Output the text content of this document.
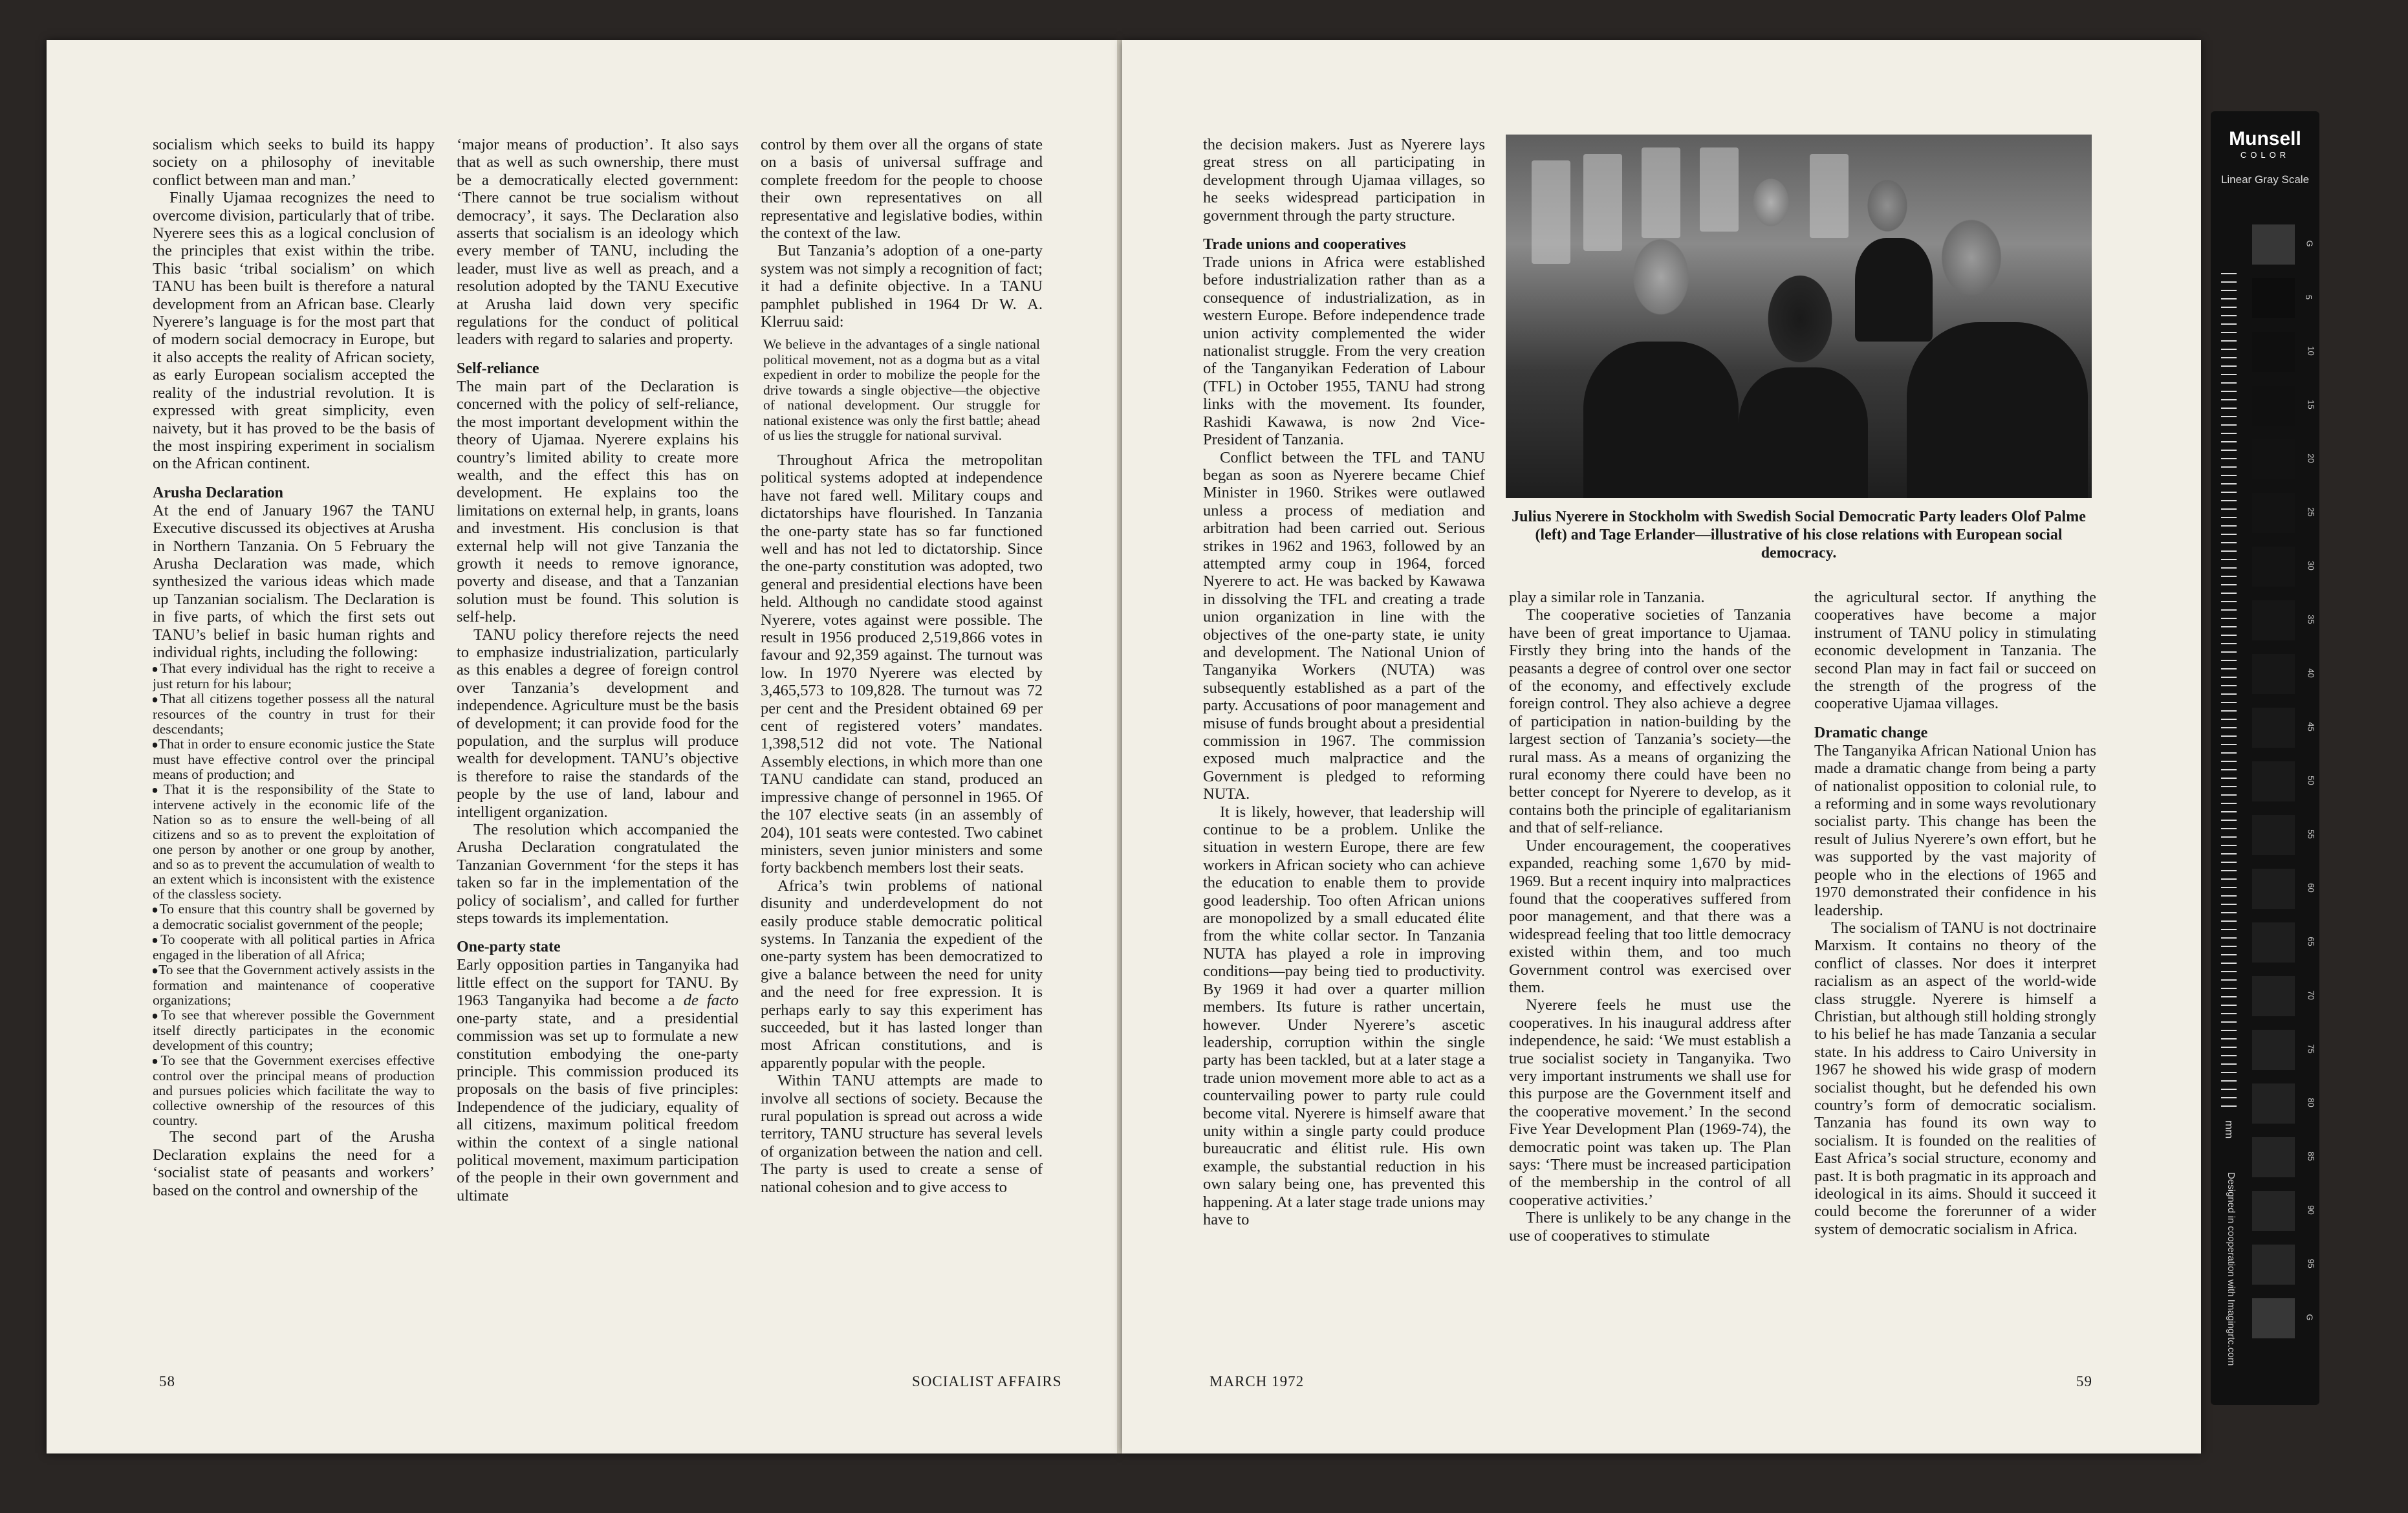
socialism which seeks to build its happy society on a philosophy of inevitable conflict between man and man.’

Finally Ujamaa recognizes the need to overcome division, particularly that of tribe. Nyerere sees this as a logical conclusion of the principles that exist within the tribe. This basic ‘tribal socialism’ on which TANU has been built is therefore a natural development from an African base. Clearly Nyerere’s language is for the most part that of modern social democracy in Europe, but it also accepts the reality of African society, as early European socialism accepted the reality of the industrial revolution. It is expressed with great simplicity, even naivety, but it has proved to be the basis of the most inspiring experiment in socialism on the African continent.

Arusha Declaration

At the end of January 1967 the TANU Executive discussed its objectives at Arusha in Northern Tanzania. On 5 February the Arusha Declaration was made, which synthesized the various ideas which made up Tanzanian socialism. The Declaration is in five parts, of which the first sets out TANU’s belief in basic human rights and individual rights, including the following:

● That every individual has the right to receive a just return for his labour;
● That all citizens together possess all the natural resources of the country in trust for their descendants;
● That in order to ensure economic justice the State must have effective control over the principal means of production; and
● That it is the responsibility of the State to intervene actively in the economic life of the Nation so as to ensure the well-being of all citizens and so as to prevent the exploitation of one person by another or one group by another, and so as to prevent the accumulation of wealth to an extent which is inconsistent with the existence of the classless society.
● To ensure that this country shall be governed by a democratic socialist government of the people;
● To cooperate with all political parties in Africa engaged in the liberation of all Africa;
● To see that the Government actively assists in the formation and maintenance of cooperative organizations;
● To see that wherever possible the Government itself directly participates in the economic development of this country;
● To see that the Government exercises effective control over the principal means of production and pursues policies which facilitate the way to collective ownership of the resources of this country.

The second part of the Arusha Declaration explains the need for a ‘socialist state of peasants and workers’ based on the control and ownership of the

‘major means of production’. It also says that as well as such ownership, there must be a democratically elected government: ‘There cannot be true socialism without democracy’, it says. The Declaration also asserts that socialism is an ideology which every member of TANU, including the leader, must live as well as preach, and a resolution adopted by the TANU Executive at Arusha laid down very specific regulations for the conduct of political leaders with regard to salaries and property.

Self-reliance

The main part of the Declaration is concerned with the policy of self-reliance, the most important development within the theory of Ujamaa. Nyerere explains his country’s limited ability to create more wealth, and the effect this has on development. He explains too the limitations on external help, in grants, loans and investment. His conclusion is that external help will not give Tanzania the growth it needs to remove ignorance, poverty and disease, and that a Tanzanian solution must be found. This solution is self-help.

TANU policy therefore rejects the need to emphasize industrialization, particularly as this enables a degree of foreign control over Tanzania’s development and independence. Agriculture must be the basis of development; it can provide food for the population, and the surplus will produce wealth for development. TANU’s objective is therefore to raise the standards of the people by the use of land, labour and intelligent organization.

The resolution which accompanied the Arusha Declaration congratulated the Tanzanian Government ‘for the steps it has taken so far in the implementation of the policy of socialism’, and called for further steps towards its implementation.

One-party state

Early opposition parties in Tanganyika had little effect on the support for TANU. By 1963 Tanganyika had become a de facto one-party state, and a presidential commission was set up to formulate a new constitution embodying the one-party principle. This commission produced its proposals on the basis of five principles: Independence of the judiciary, equality of all citizens, maximum political freedom within the context of a single national political movement, maximum participation of the people in their own government and ultimate

control by them over all the organs of state on a basis of universal suffrage and complete freedom for the people to choose their own representatives on all representative and legislative bodies, within the context of the law.

But Tanzania’s adoption of a one-party system was not simply a recognition of fact; it had a definite objective. In a TANU pamphlet published in 1964 Dr W. A. Klerruu said:

We believe in the advantages of a single national political movement, not as a dogma but as a vital expedient in order to mobilize the people for the drive towards a single objective—the objective of national development. Our struggle for national existence was only the first battle; ahead of us lies the struggle for national survival.

Throughout Africa the metropolitan political systems adopted at independence have not fared well. Military coups and dictatorships have flourished. In Tanzania the one-party state has so far functioned well and has not led to dictatorship. Since the one-party constitution was adopted, two general and presidential elections have been held. Although no candidate stood against Nyerere, votes against were possible. The result in 1956 produced 2,519,866 votes in favour and 92,359 against. The turnout was low. In 1970 Nyerere was elected by 3,465,573 to 109,828. The turnout was 72 per cent and the President obtained 69 per cent of registered voters’ mandates. 1,398,512 did not vote. The National Assembly elections, in which more than one TANU candidate can stand, produced an impressive change of personnel in 1965. Of the 107 elective seats (in an assembly of 204), 101 seats were contested. Two cabinet ministers, seven junior ministers and some forty backbench members lost their seats.

Africa’s twin problems of national disunity and underdevelopment do not easily produce stable democratic political systems. In Tanzania the expedient of the one-party system has been democratized to give a balance between the need for unity and the need for free expression. It is perhaps early to say this experiment has succeeded, but it has lasted longer than most African constitutions, and is apparently popular with the people.

Within TANU attempts are made to involve all sections of society. Because the rural population is spread out across a wide territory, TANU structure has several levels of organization between the nation and cell. The party is used to create a sense of national cohesion and to give access to

58	SOCIALIST AFFAIRS

the decision makers. Just as Nyerere lays great stress on all participating in development through Ujamaa villages, so he seeks widespread participation in government through the party structure.

Trade unions and cooperatives

Trade unions in Africa were established before industrialization rather than as a consequence of industrialization, as in western Europe. Before independence trade union activity complemented the wider nationalist struggle. From the very creation of the Tanganyikan Federation of Labour (TFL) in October 1955, TANU had strong links with the movement. Its founder, Rashidi Kawawa, is now 2nd Vice-President of Tanzania.

Conflict between the TFL and TANU began as soon as Nyerere became Chief Minister in 1960. Strikes were outlawed unless a process of mediation and arbitration had been carried out. Serious strikes in 1962 and 1963, followed by an attempted army coup in 1964, forced Nyerere to act. He was backed by Kawawa in dissolving the TFL and creating a trade union organization in line with the objectives of the one-party state, ie unity and development. The National Union of Tanganyika Workers (NUTA) was subsequently established as a part of the party. Accusations of poor management and misuse of funds brought about a presidential commission in 1967. The commission exposed much malpractice and the Government is pledged to reforming NUTA.

It is likely, however, that leadership will continue to be a problem. Unlike the situation in western Europe, there are few workers in African society who can achieve the education to enable them to provide good leadership. Too often African unions are monopolized by a small educated élite from the white collar sector. In Tanzania NUTA has played a role in improving conditions—pay being tied to productivity. By 1969 it had over a quarter million members. Its future is rather uncertain, however. Under Nyerere’s ascetic leadership, corruption within the single party has been tackled, but at a later stage a trade union movement more able to act as a countervailing power to party rule could become vital. Nyerere is himself aware that unity within a single party could produce bureaucratic and élitist rule. His own example, the substantial reduction in his own salary being one, has prevented this happening. At a later stage trade unions may have to

Julius Nyerere in Stockholm with Swedish Social Democratic Party leaders Olof Palme (left) and Tage Erlander—illustrative of his close relations with European social democracy.

play a similar role in Tanzania.

The cooperative societies of Tanzania have been of great importance to Ujamaa. Firstly they bring into the hands of the peasants a degree of control over one sector of the economy, and effectively exclude foreign control. They also achieve a degree of participation in nation-building by the largest section of Tanzania’s society—the rural mass. As a means of organizing the rural economy there could have been no better concept for Nyerere to develop, as it contains both the principle of egalitarianism and that of self-reliance.

Under encouragement, the cooperatives expanded, reaching some 1,670 by mid-1969. But a recent inquiry into malpractices found that the cooperatives suffered from poor management, and that there was a widespread feeling that too little democracy existed within them, and too much Government control was exercised over them.

Nyerere feels he must use the cooperatives. In his inaugural address after independence, he said: ‘We must establish a true socialist society in Tanganyika. Two very important instruments we shall use for this purpose are the Government itself and the cooperative movement.’ In the second Five Year Development Plan (1969-74), the democratic point was taken up. The Plan says: ‘There must be increased participation of the membership in the control of all cooperative activities.’

There is unlikely to be any change in the use of cooperatives to stimulate

the agricultural sector. If anything the cooperatives have become a major instrument of TANU policy in stimulating economic development in Tanzania. The second Plan may in fact fail or succeed on the strength of the progress of the cooperative Ujamaa villages.

Dramatic change

The Tanganyika African National Union has made a dramatic change from being a party of nationalist opposition to colonial rule, to a reforming and in some ways revolutionary socialist party. This change has been the result of Julius Nyerere’s own effort, but he was supported by the vast majority of people who in the elections of 1965 and 1970 demonstrated their confidence in his leadership.

The socialism of TANU is not doctrinaire Marxism. It contains no theory of the conflict of classes. Nor does it interpret racialism as an aspect of the world-wide class struggle. Nyerere is himself a Christian, but although still holding strongly to his belief he has made Tanzania a secular state. In his address to Cairo University in 1967 he showed his wide grasp of modern socialist thought, but he defended his own country’s form of democratic socialism. Tanzania has found its own way to socialism. It is founded on the realities of East Africa’s social structure, economy and past. It is both pragmatic in its approach and ideological in its aims. Should it succeed it could become the forerunner of a wider system of democratic socialism in Africa.

MARCH 1972	59
Munsell
COLOR
Linear Gray Scale
G
5
10
15
20
25
30
35
40
45
50
55
60
65
70
75
80
85
90
95
G
mm
Designed in cooperation with Imagingrtc.com
